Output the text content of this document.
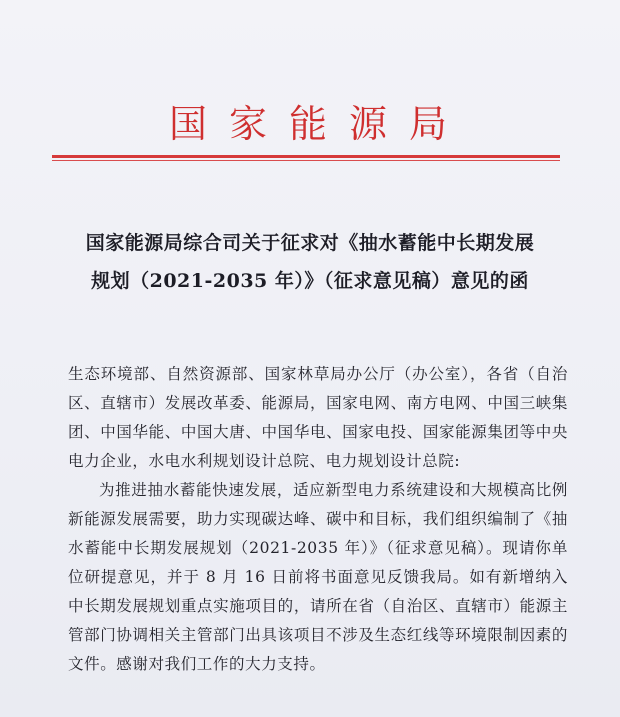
国家能源局
国家能源局综合司关于征求对《抽水蓄能中长期发展
规划（2021-2035 年）》（征求意见稿）意见的函

生态环境部、自然资源部、国家林草局办公厅（办公室），各省（自治区、直辖市）发展改革委、能源局，国家电网、南方电网、中国三峡集团、中国华能、中国大唐、中国华电、国家电投、国家能源集团等中央电力企业，水电水利规划设计总院、电力规划设计总院:

为推进抽水蓄能快速发展，适应新型电力系统建设和大规模高比例新能源发展需要，助力实现碳达峰、碳中和目标，我们组织编制了《抽水蓄能中长期发展规划（2021-2035 年）》（征求意见稿）。现请你单位研提意见，并于 8 月 16 日前将书面意见反馈我局。如有新增纳入中长期发展规划重点实施项目的，请所在省（自治区、直辖市）能源主管部门协调相关主管部门出具该项目不涉及生态红线等环境限制因素的文件。感谢对我们工作的大力支持。
